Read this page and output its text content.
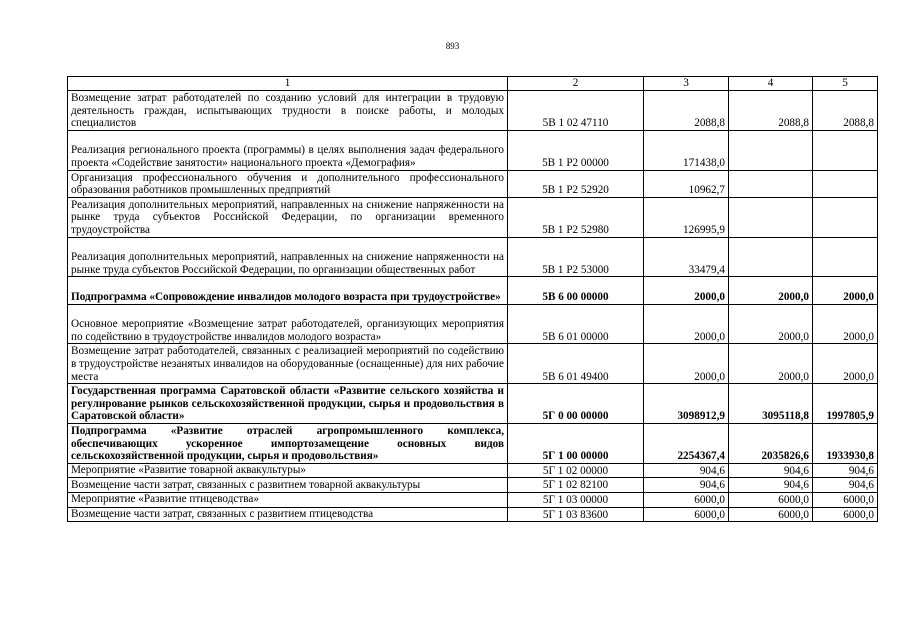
893
1	2	3	4	5
Возмещение затрат работодателей по созданию условий для интеграции в трудовую деятельность граждан, испытывающих трудности в поиске работы, и молодых специалистов	5В 1 02 47110	2088,8	2088,8	2088,8
Реализация регионального проекта (программы) в целях выполнения задач федерального проекта «Содействие занятости» национального проекта «Демография»	5В 1 Р2 00000	171438,0		
Организация профессионального обучения и дополнительного профессионального образования работников промышленных предприятий	5В 1 Р2 52920	10962,7		
Реализация дополнительных мероприятий, направленных на снижение напряженности на рынке труда субъектов Российской Федерации, по организации временного трудоустройства	5В 1 Р2 52980	126995,9		
Реализация дополнительных мероприятий, направленных на снижение напряженности на рынке труда субъектов Российской Федерации, по организации общественных работ	5В 1 Р2 53000	33479,4		
Подпрограмма «Сопровождение инвалидов молодого возраста при трудоустройстве»	5В 6 00 00000	2000,0	2000,0	2000,0
Основное мероприятие «Возмещение затрат работодателей, организующих мероприятия по содействию в трудоустройстве инвалидов молодого возраста»	5В 6 01 00000	2000,0	2000,0	2000,0
Возмещение затрат работодателей, связанных с реализацией мероприятий по содействию в трудоустройстве незанятых инвалидов на оборудованные (оснащенные) для них рабочие места	5В 6 01 49400	2000,0	2000,0	2000,0
Государственная программа Саратовской области «Развитие сельского хозяйства и регулирование рынков сельскохозяйственной продукции, сырья и продовольствия в Саратовской области»	5Г 0 00 00000	3098912,9	3095118,8	1997805,9
Подпрограмма «Развитие отраслей агропромышленного комплекса, обеспечивающих ускоренное импортозамещение основных видов сельскохозяйственной продукции, сырья и продовольствия»	5Г 1 00 00000	2254367,4	2035826,6	1933930,8
Мероприятие «Развитие товарной аквакультуры»	5Г 1 02 00000	904,6	904,6	904,6
Возмещение части затрат, связанных с развитием товарной аквакультуры	5Г 1 02 82100	904,6	904,6	904,6
Мероприятие «Развитие птицеводства»	5Г 1 03 00000	6000,0	6000,0	6000,0
Возмещение части затрат, связанных с развитием птицеводства	5Г 1 03 83600	6000,0	6000,0	6000,0
